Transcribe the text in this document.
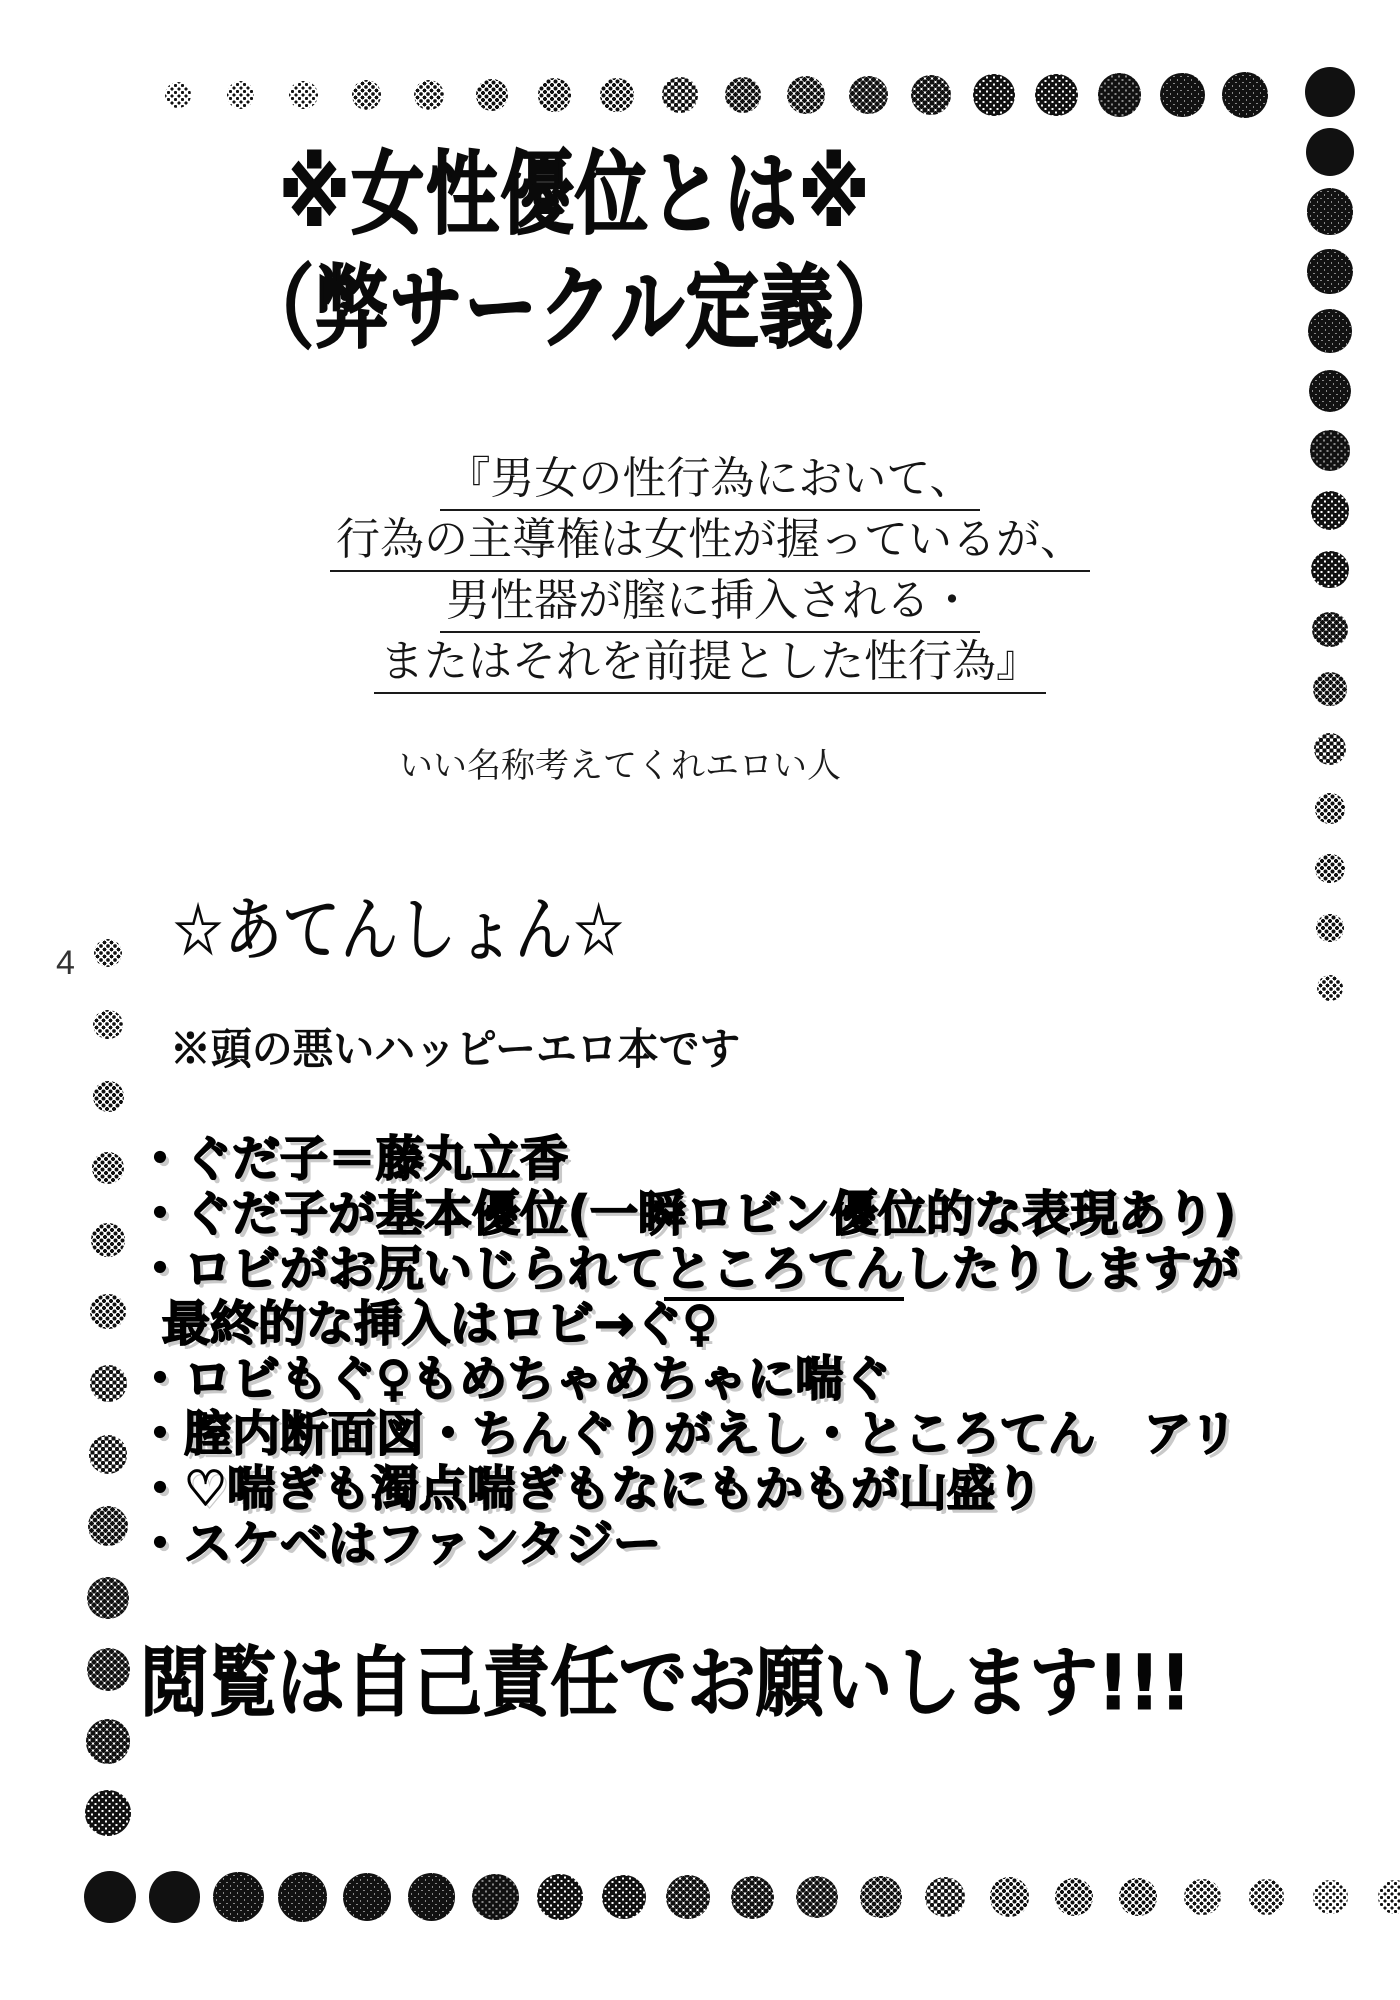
4
※女性優位とは※
（弊サークル定義）
『男女の性行為において、
行為の主導権は女性が握っているが、
男性器が膣に挿入される・
またはそれを前提とした性行為』
いい名称考えてくれエロい人
☆あてんしょん☆
※頭の悪いハッピーエロ本です
・ぐだ子＝藤丸立香
・ぐだ子が基本優位(一瞬ロビン優位的な表現あり)
・ロビがお尻いじられてところてんしたりしますが
最終的な挿入はロビ→ぐ♀
・ロビもぐ♀もめちゃめちゃに喘ぐ
・膣内断面図・ちんぐりがえし・ところてん　アリ
・♡喘ぎも濁点喘ぎもなにもかもが山盛り
・スケベはファンタジー
閲覧は自己責任でお願いします!!!
